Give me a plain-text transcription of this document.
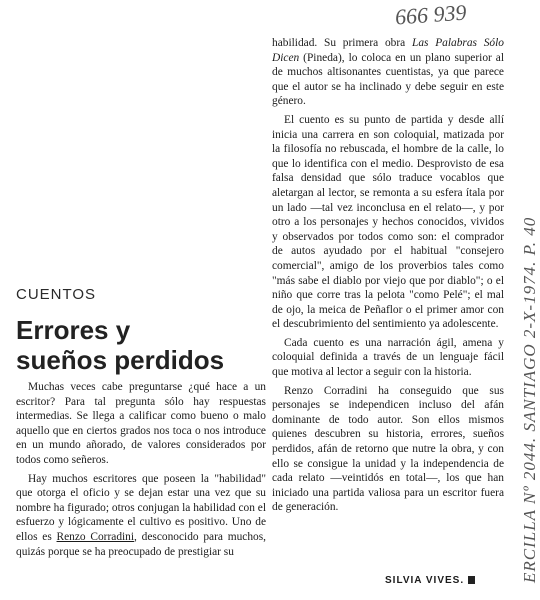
666 939
ERCILLA Nº 2044. SANTIAGO 2-X-1974. P. 40

habilidad. Su primera obra Las Palabras Sólo Dicen (Pineda), lo coloca en un plano superior al de muchos altisonantes cuentistas, ya que parece que el autor se ha inclinado y debe seguir en este género.

El cuento es su punto de partida y desde allí inicia una carrera en son coloquial, matizada por la filosofía no rebuscada, el hombre de la calle, lo que lo identifica con el medio. Desprovisto de esa falsa densidad que sólo traduce vocablos que aletargan al lector, se remonta a su esfera ítala por un lado —tal vez inconclusa en el relato—, y por otro a los personajes y hechos conocidos, vividos y observados por todos como son: el comprador de autos ayudado por el habitual "consejero comercial", amigo de los proverbios tales como "más sabe el diablo por viejo que por diablo"; o el niño que corre tras la pelota "como Pelé"; el mal de ojo, la meica de Peñaflor o el primer amor con el descubrimiento del sentimiento ya adolescente.

Cada cuento es una narración ágil, amena y coloquial definida a través de un lenguaje fácil que motiva al lector a seguir con la historia.

Renzo Corradini ha conseguido que sus personajes se independicen incluso del afán dominante de todo autor. Son ellos mismos quienes descubren su historia, errores, sueños perdidos, afán de retorno que nutre la obra, y con ello se consigue la unidad y la independencia de cada relato —veintidós en total—, los que han iniciado una partida valiosa para un escritor fuera de generación.

CUENTOS
Errores y
sueños perdidos

Muchas veces cabe preguntarse ¿qué hace a un escritor? Para tal pregunta sólo hay respuestas intermedias. Se llega a calificar como bueno o malo aquello que en ciertos grados nos toca o nos introduce en un mundo añorado, de valores considerados por todos como señeros.

Hay muchos escritores que poseen la "habilidad" que otorga el oficio y se dejan estar una vez que su nombre ha figurado; otros conjugan la habilidad con el esfuerzo y lógicamente el cultivo es positivo. Uno de ellos es Renzo Corradini, desconocido para muchos, quizás porque se ha preocupado de prestigiar su

SILVIA VIVES.
